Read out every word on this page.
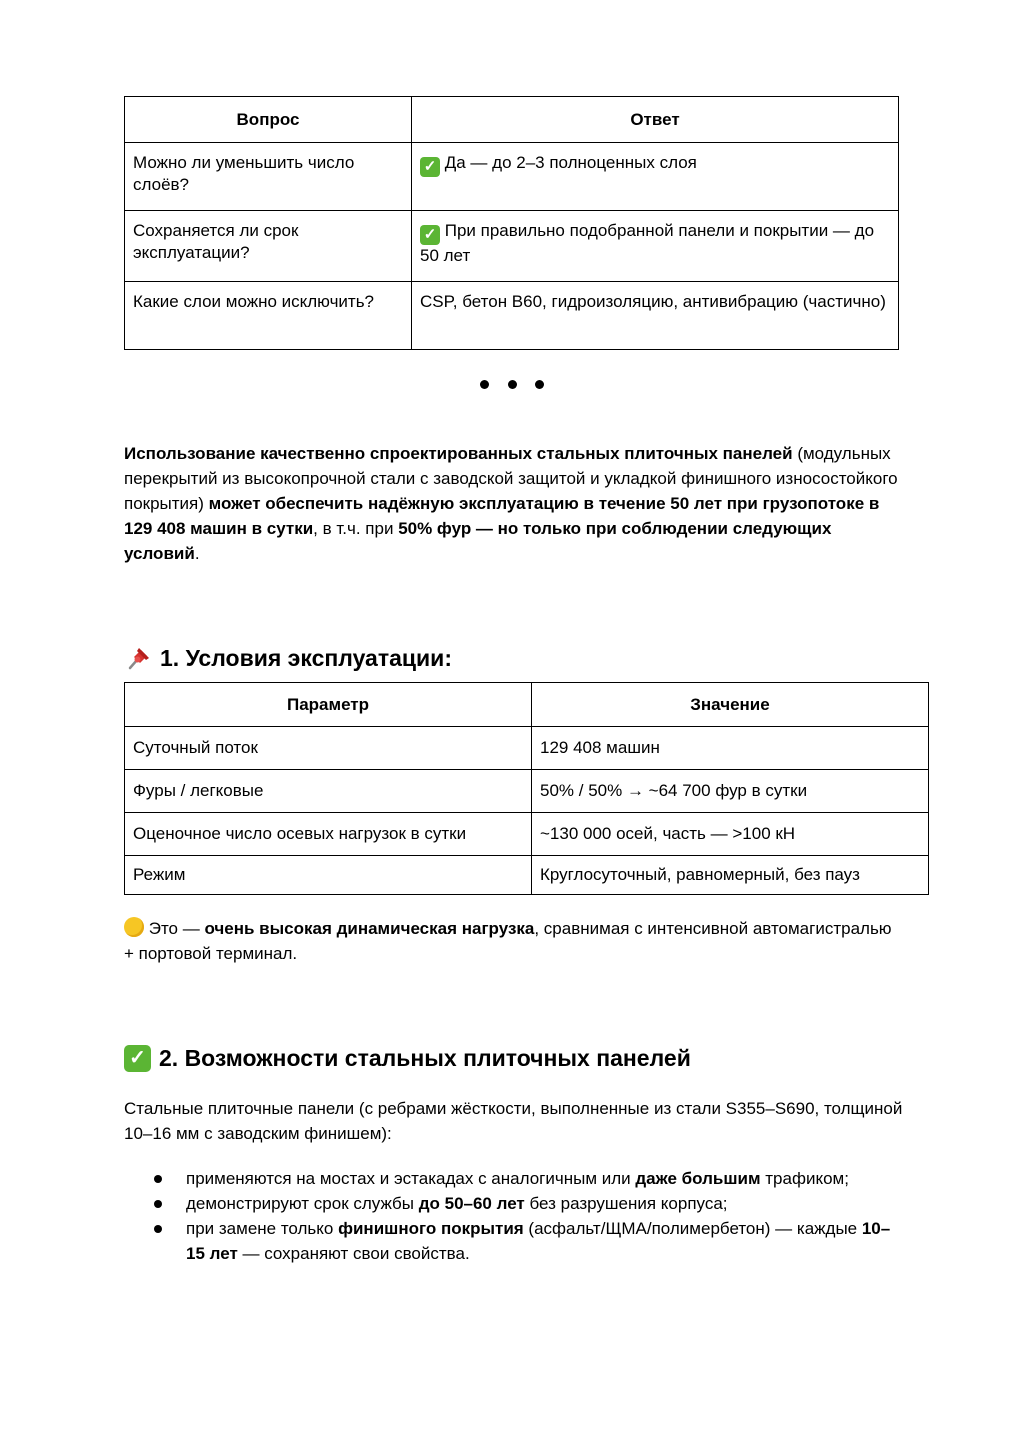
Вопрос	Ответ
Можно ли уменьшить число слоёв?	✓ Да — до 2–3 полноценных слоя
Сохраняется ли срок эксплуатации?	✓ При правильно подобранной панели и покрытии — до 50 лет
Какие слои можно исключить?	CSP, бетон B60, гидроизоляцию, антивибрацию (частично)

Использование качественно спроектированных стальных плиточных панелей (модульных перекрытий из высокопрочной стали с заводской защитой и укладкой финишного износостойкого покрытия) может обеспечить надёжную эксплуатацию в течение 50 лет при грузопотоке в 129 408 машин в сутки, в т.ч. при 50% фур — но только при соблюдении следующих условий.

1. Условия эксплуатации:
Параметр	Значение
Суточный поток	129 408 машин
Фуры / легковые	50% / 50% → ~64 700 фур в сутки
Оценочное число осевых нагрузок в сутки	~130 000 осей, часть — >100 кН
Режим	Круглосуточный, равномерный, без пауз

Это — очень высокая динамическая нагрузка, сравнимая с интенсивной автомагистралью + портовой терминал.

✓ 2. Возможности стальных плиточных панелей

Стальные плиточные панели (с ребрами жёсткости, выполненные из стали S355–S690, толщиной 10–16 мм с заводским финишем):

применяются на мостах и эстакадах с аналогичным или даже большим трафиком;
демонстрируют срок службы до 50–60 лет без разрушения корпуса;
при замене только финишного покрытия (асфальт/ЩМА/полимербетон) — каждые 10–15 лет — сохраняют свои свойства.
